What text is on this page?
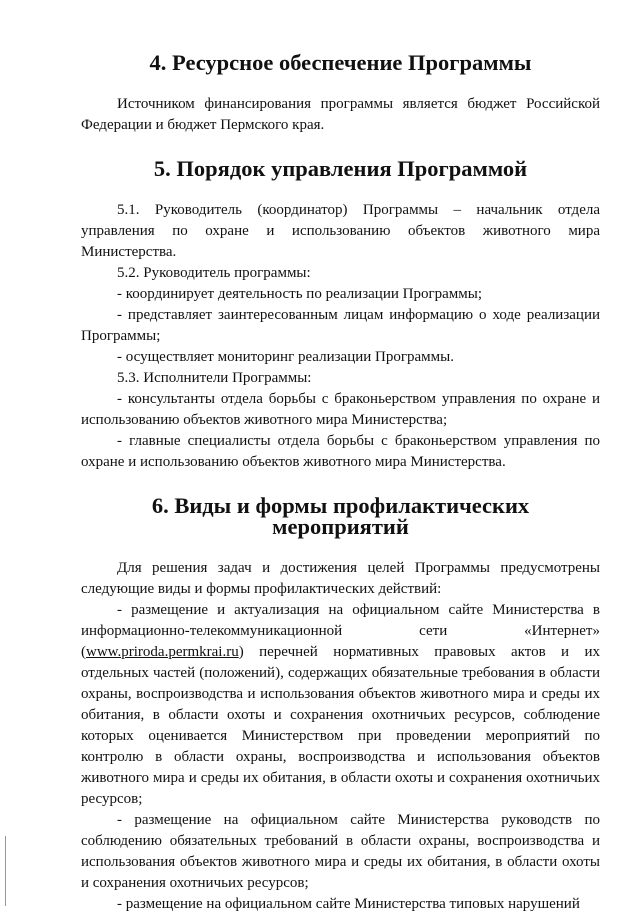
4. Ресурсное обеспечение Программы

Источником финансирования программы является бюджет Российской Федерации и бюджет Пермского края.

5. Порядок управления Программой

5.1. Руководитель (координатор) Программы – начальник отдела управления по охране и использованию объектов животного мира Министерства.

5.2. Руководитель программы:

- координирует деятельность по реализации Программы;

- представляет заинтересованным лицам информацию о ходе реализации Программы;

- осуществляет мониторинг реализации Программы.

5.3. Исполнители Программы:

- консультанты отдела борьбы с браконьерством управления по охране и использованию объектов животного мира Министерства;

- главные специалисты отдела борьбы с браконьерством управления по охране и использованию объектов животного мира Министерства.

6. Виды и формы профилактических мероприятий

Для решения задач и достижения целей Программы предусмотрены следующие виды и формы профилактических действий:

- размещение и актуализация на официальном сайте Министерства в информационно-телекоммуникационной сети «Интернет» (www.priroda.permkrai.ru) перечней нормативных правовых актов и их отдельных частей (положений), содержащих обязательные требования в области охраны, воспроизводства и использования объектов животного мира и среды их обитания, в области охоты и сохранения охотничьих ресурсов, соблюдение которых оценивается Министерством при проведении мероприятий по контролю в области охраны, воспроизводства и использования объектов животного мира и среды их обитания, в области охоты и сохранения охотничьих ресурсов;

- размещение на официальном сайте Министерства руководств по соблюдению обязательных требований в области охраны, воспроизводства и использования объектов животного мира и среды их обитания, в области охоты и сохранения охотничьих ресурсов;

- размещение на официальном сайте Министерства типовых нарушений
